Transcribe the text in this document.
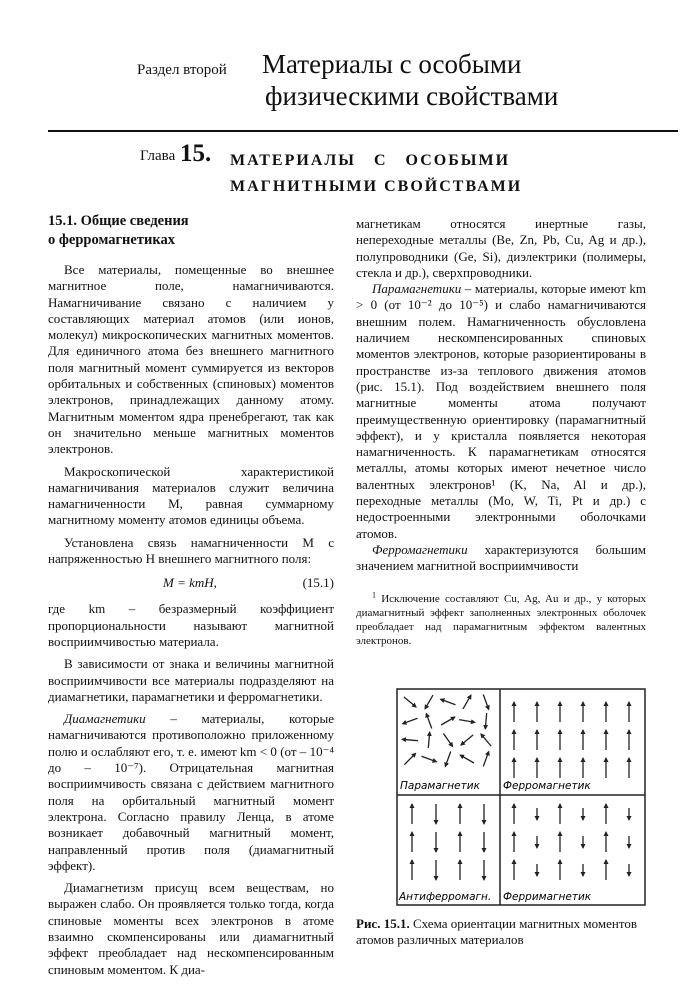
Раздел второй Материалы с особыми
физическими свойствами
Глава 15. МАТЕРИАЛЫ   С   ОСОБЫМИ
МАГНИТНЫМИ СВОЙСТВАМИ
15.1. Общие сведения
о ферромагнетиках

Все материалы, помещенные во внешнее магнитное поле, намагничиваются. Намагничивание связано с наличием у составляющих материал атомов (или ионов, молекул) микроскопических магнитных моментов. Для единичного атома без внешнего магнитного поля магнитный момент суммируется из векторов орбитальных и собственных (спиновых) моментов электронов, принадлежащих данному атому. Магнитным моментом ядра пренебрегают, так как он значительно меньше магнитных моментов электронов.

Макроскопической характеристикой намагничивания материалов служит величина намагниченности M, равная суммарному магнитному моменту атомов единицы объема.

Установлена связь намагниченности M с напряженностью H внешнего магнитного поля:

M = kmH,	(15.1)

где km – безразмерный коэффициент пропорциональности называют магнитной восприимчивостью материала.

В зависимости от знака и величины магнитной восприимчивости все материалы подразделяют на диамагнетики, парамагнетики и ферромагнетики.

Диамагнетики – материалы, которые намагничиваются противоположно приложенному полю и ослабляют его, т. е. имеют km < 0 (от – 10⁻⁴ до – 10⁻⁷). Отрицательная магнитная восприимчивость связана с действием магнитного поля на орбитальный магнитный момент электрона. Согласно правилу Ленца, в атоме возникает добавочный магнитный момент, направленный против поля (диамагнитный эффект).

Диамагнетизм присущ всем веществам, но выражен слабо. Он проявляется только тогда, когда спиновые моменты всех электронов в атоме взаимно скомпенсированы или диамагнитный эффект преобладает над нескомпенсированным спиновым моментом. К диа-

магнетикам относятся инертные газы, непереходные металлы (Be, Zn, Pb, Cu, Ag и др.), полупроводники (Ge, Si), диэлектрики (полимеры, стекла и др.), сверхпроводники.

Парамагнетики – материалы, которые имеют km > 0 (от 10⁻² до 10⁻⁵) и слабо намагничиваются внешним полем. Намагниченность обусловлена наличием нескомпенсированных спиновых моментов электронов, которые разориентированы в пространстве из-за теплового движения атомов (рис. 15.1). Под воздействием внешнего поля магнитные моменты атома получают преимущественную ориентировку (парамагнитный эффект), и у кристалла появляется некоторая намагниченность. К парамагнетикам относятся металлы, атомы которых имеют нечетное число валентных электронов¹ (K, Na, Al и др.), переходные металлы (Mo, W, Ti, Pt и др.) с недостроенными электронными оболочками атомов.

Ферромагнетики характеризуются большим значением магнитной восприимчивости

$^1$ Исключение составляют Cu, Ag, Au и др., у которых диамагнитный эффект заполненных электронных оболочек преобладает над парамагнитным эффектом валентных электронов.

Парамагнетик Ферромагнетик
Антиферромагн. Ферримагнетик
Рис. 15.1. Схема ориентации магнитных моментов атомов различных материалов
